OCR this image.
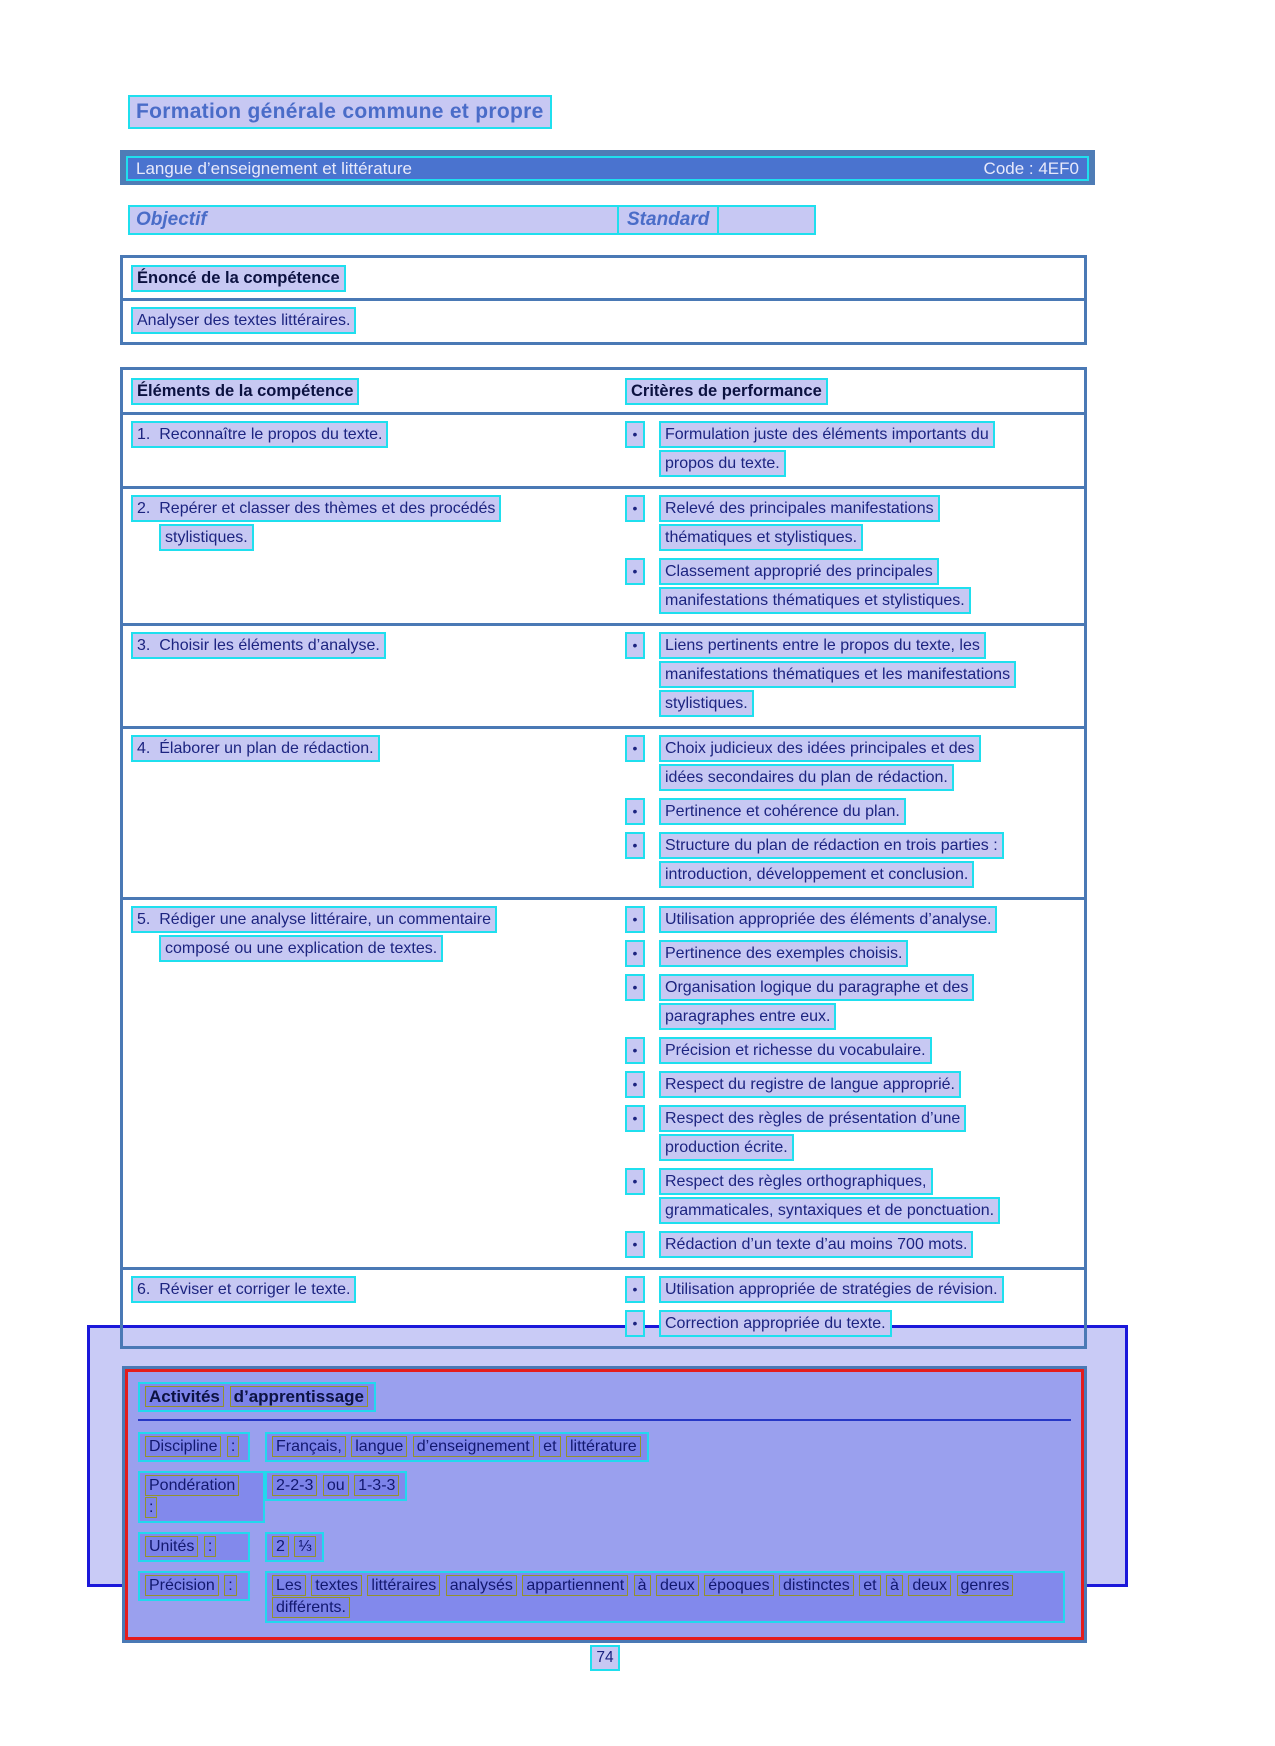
Formation générale commune et propre
Langue d’enseignement et littérature	Code : 4EF0
Objectif	Standard
Énoncé de la compétence
Analyser des textes littéraires.
Éléments de la compétence	Critères de performance
1.  Reconnaître le propos du texte.	•	Formulation juste des éléments importants du
propos du texte.
2.  Repérer et classer des thèmes et des procédés
stylistiques.
•	Relevé des principales manifestations
thématiques et stylistiques.
•	Classement approprié des principales
manifestations thématiques et stylistiques.
3.  Choisir les éléments d’analyse.	•	Liens pertinents entre le propos du texte, les
manifestations thématiques et les manifestations
stylistiques.
4.  Élaborer un plan de rédaction.	•	Choix judicieux des idées principales et des
idées secondaires du plan de rédaction.
•	Pertinence et cohérence du plan.
•	Structure du plan de rédaction en trois parties :
introduction, développement et conclusion.
5.  Rédiger une analyse littéraire, un commentaire
composé ou une explication de textes.
•	Utilisation appropriée des éléments d’analyse.
•	Pertinence des exemples choisis.
•	Organisation logique du paragraphe et des
paragraphes entre eux.
•	Précision et richesse du vocabulaire.
•	Respect du registre de langue approprié.
•	Respect des règles de présentation d’une
production écrite.
•	Respect des règles orthographiques,
grammaticales, syntaxiques et de ponctuation.
•	Rédaction d’un texte d’au moins 700 mots.
6.  Réviser et corriger le texte.	•	Utilisation appropriée de stratégies de révision.
•	Correction appropriée du texte.
Activités d’apprentissage
Discipline :	Français, langue d’enseignement et littérature
Pondération :
2-2-3 ou 1-3-3
Unités :	2 ⅓
Précision :	Les textes littéraires analysés appartiennent à deux époques distinctes et à deux genres différents.
74
